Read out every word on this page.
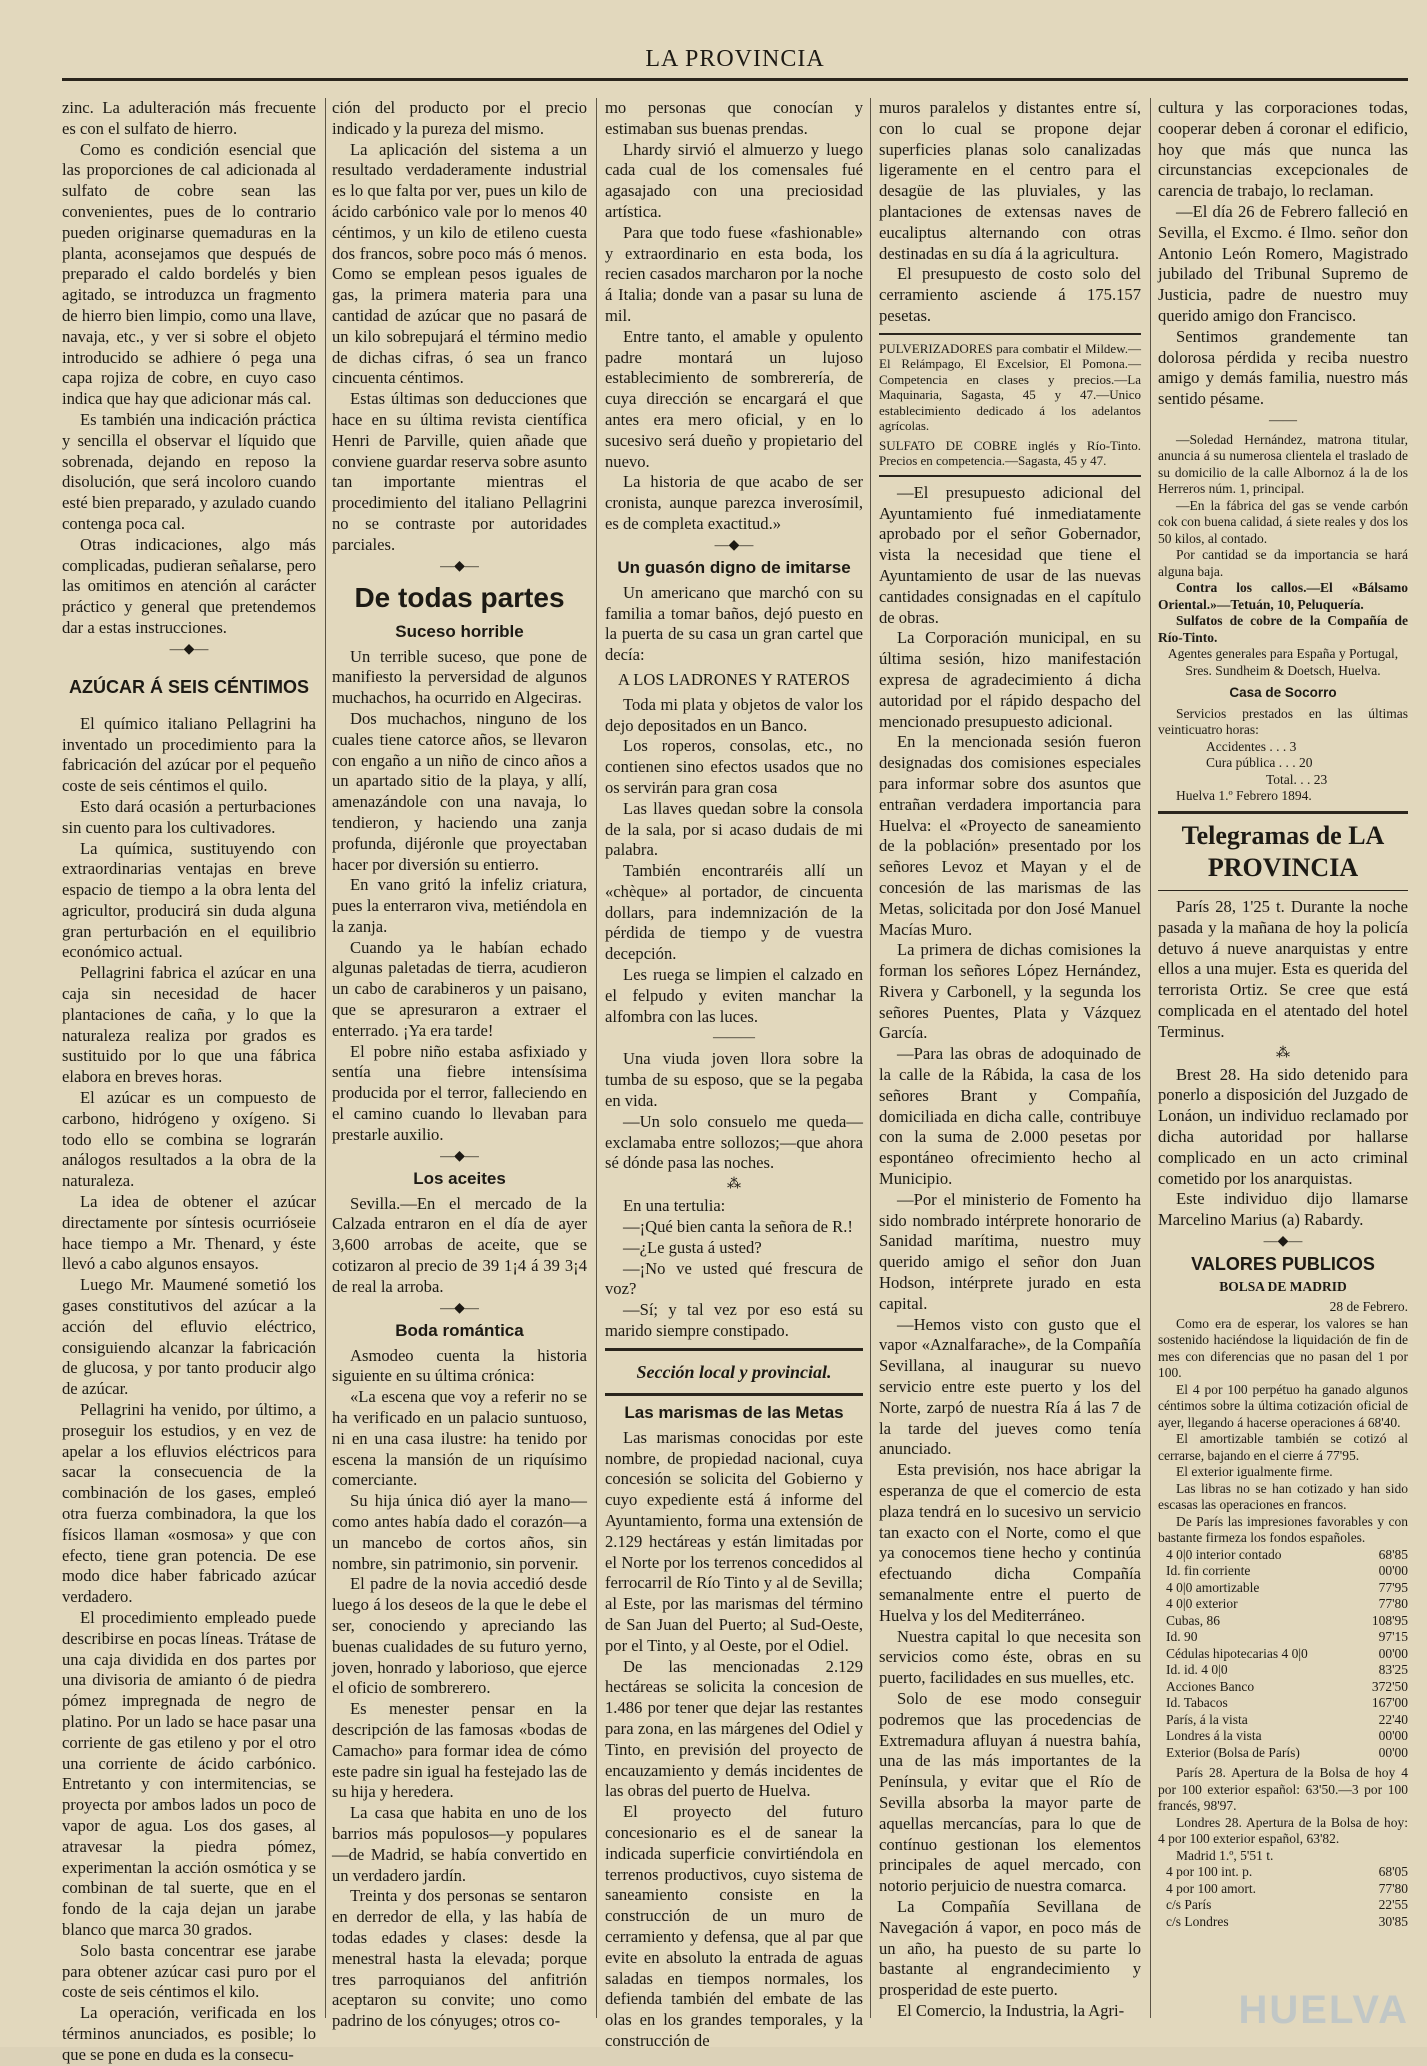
LA PROVINCIA

zinc. La adulteración más frecuente es con el sulfato de hierro.

Como es condición esencial que las proporciones de cal adicionada al sulfato de cobre sean las convenientes, pues de lo contrario pueden originarse quemaduras en la planta, aconsejamos que después de preparado el caldo bordelés y bien agitado, se introduzca un fragmento de hierro bien limpio, como una llave, navaja, etc., y ver si sobre el objeto introducido se adhiere ó pega una capa rojiza de cobre, en cuyo caso indica que hay que adicionar más cal.

Es también una indicación práctica y sencilla el observar el líquido que sobrenada, dejando en reposo la disolución, que será incoloro cuando esté bien preparado, y azulado cuando contenga poca cal.

Otras indicaciones, algo más complicadas, pudieran señalarse, pero las omitimos en atención al carácter práctico y general que pretendemos dar a estas instrucciones.

—◆—
AZÚCAR Á SEIS CÉNTIMOS

El químico italiano Pellagrini ha inventado un procedimiento para la fabricación del azúcar por el pequeño coste de seis céntimos el quilo.

Esto dará ocasión a perturbaciones sin cuento para los cultivadores.

La química, sustituyendo con extraordinarias ventajas en breve espacio de tiempo a la obra lenta del agricultor, producirá sin duda alguna gran perturbación en el equilibrio económico actual.

Pellagrini fabrica el azúcar en una caja sin necesidad de hacer plantaciones de caña, y lo que la naturaleza realiza por grados es sustituido por lo que una fábrica elabora en breves horas.

El azúcar es un compuesto de carbono, hidrógeno y oxígeno. Si todo ello se combina se lograrán análogos resultados a la obra de la naturaleza.

La idea de obtener el azúcar directamente por síntesis ocurrióseie hace tiempo a Mr. Thenard, y éste llevó a cabo algunos ensayos.

Luego Mr. Maumené sometió los gases constitutivos del azúcar a la acción del efluvio eléctrico, consiguiendo alcanzar la fabricación de glucosa, y por tanto producir algo de azúcar.

Pellagrini ha venido, por último, a proseguir los estudios, y en vez de apelar a los efluvios eléctricos para sacar la consecuencia de la combinación de los gases, empleó otra fuerza combinadora, la que los físicos llaman «osmosa» y que con efecto, tiene gran potencia. De ese modo dice haber fabricado azúcar verdadero.

El procedimiento empleado puede describirse en pocas líneas. Trátase de una caja dividida en dos partes por una divisoria de amianto ó de piedra pómez impregnada de negro de platino. Por un lado se hace pasar una corriente de gas etileno y por el otro una corriente de ácido carbónico. Entretanto y con intermitencias, se proyecta por ambos lados un poco de vapor de agua. Los dos gases, al atravesar la piedra pómez, experimentan la acción osmótica y se combinan de tal suerte, que en el fondo de la caja dejan un jarabe blanco que marca 30 grados.

Solo basta concentrar ese jarabe para obtener azúcar casi puro por el coste de seis céntimos el kilo.

La operación, verificada en los términos anunciados, es posible; lo que se pone en duda es la consecu-

ción del producto por el precio indicado y la pureza del mismo.

La aplicación del sistema a un resultado verdaderamente industrial es lo que falta por ver, pues un kilo de ácido carbónico vale por lo menos 40 céntimos, y un kilo de etileno cuesta dos francos, sobre poco más ó menos. Como se emplean pesos iguales de gas, la primera materia para una cantidad de azúcar que no pasará de un kilo sobrepujará el término medio de dichas cifras, ó sea un franco cincuenta céntimos.

Estas últimas son deducciones que hace en su última revista científica Henri de Parville, quien añade que conviene guardar reserva sobre asunto tan importante mientras el procedimiento del italiano Pellagrini no se contraste por autoridades parciales.

—◆—
De todas partes
Suceso horrible

Un terrible suceso, que pone de manifiesto la perversidad de algunos muchachos, ha ocurrido en Algeciras.

Dos muchachos, ninguno de los cuales tiene catorce años, se llevaron con engaño a un niño de cinco años a un apartado sitio de la playa, y allí, amenazándole con una navaja, lo tendieron, y haciendo una zanja profunda, dijéronle que proyectaban hacer por diversión su entierro.

En vano gritó la infeliz criatura, pues la enterraron viva, metiéndola en la zanja.

Cuando ya le habían echado algunas paletadas de tierra, acudieron un cabo de carabineros y un paisano, que se apresuraron a extraer el enterrado. ¡Ya era tarde!

El pobre niño estaba asfixiado y sentía una fiebre intensísima producida por el terror, falleciendo en el camino cuando lo llevaban para prestarle auxilio.

—◆—
Los aceites

Sevilla.—En el mercado de la Calzada entraron en el día de ayer 3,600 arrobas de aceite, que se cotizaron al precio de 39 1¡4 á 39 3¡4 de real la arroba.

—◆—
Boda romántica

Asmodeo cuenta la historia siguiente en su última crónica:

«La escena que voy a referir no se ha verificado en un palacio suntuoso, ni en una casa ilustre: ha tenido por escena la mansión de un riquísimo comerciante.

Su hija única dió ayer la mano—como antes había dado el corazón—a un mancebo de cortos años, sin nombre, sin patrimonio, sin porvenir.

El padre de la novia accedió desde luego á los deseos de la que le debe el ser, conociendo y apreciando las buenas cualidades de su futuro yerno, joven, honrado y laborioso, que ejerce el oficio de sombrerero.

Es menester pensar en la descripción de las famosas «bodas de Camacho» para formar idea de cómo este padre sin igual ha festejado las de su hija y heredera.

La casa que habita en uno de los barrios más populosos—y populares—de Madrid, se había convertido en un verdadero jardín.

Treinta y dos personas se sentaron en derredor de ella, y las había de todas edades y clases: desde la menestral hasta la elevada; porque tres parroquianos del anfitrión aceptaron su convite; uno como padrino de los cónyuges; otros co-

mo personas que conocían y estimaban sus buenas prendas.

Lhardy sirvió el almuerzo y luego cada cual de los comensales fué agasajado con una preciosidad artística.

Para que todo fuese «fashionable» y extraordinario en esta boda, los recien casados marcharon por la noche á Italia; donde van a pasar su luna de mil.

Entre tanto, el amable y opulento padre montará un lujoso establecimiento de sombrerería, de cuya dirección se encargará el que antes era mero oficial, y en lo sucesivo será dueño y propietario del nuevo.

La historia de que acabo de ser cronista, aunque parezca inverosímil, es de completa exactitud.»

—◆—
Un guasón digno de imitarse

Un americano que marchó con su familia a tomar baños, dejó puesto en la puerta de su casa un gran cartel que decía:

A LOS LADRONES Y RATEROS

Toda mi plata y objetos de valor los dejo depositados en un Banco.

Los roperos, consolas, etc., no contienen sino efectos usados que no os servirán para gran cosa

Las llaves quedan sobre la consola de la sala, por si acaso dudais de mi palabra.

También encontraréis allí un «chèque» al portador, de cincuenta dollars, para indemnización de la pérdida de tiempo y de vuestra decepción.

Les ruega se limpien el calzado en el felpudo y eviten manchar la alfombra con las luces.

———

Una viuda joven llora sobre la tumba de su esposo, que se la pegaba en vida.

—Un solo consuelo me queda—exclamaba entre sollozos;—que ahora sé dónde pasa las noches.

⁂

En una tertulia:

—¡Qué bien canta la señora de R.!

—¿Le gusta á usted?

—¡No ve usted qué frescura de voz?

—Sí; y tal vez por eso está su marido siempre constipado.

Sección local y provincial.
Las marismas de las Metas

Las marismas conocidas por este nombre, de propiedad nacional, cuya concesión se solicita del Gobierno y cuyo expediente está á informe del Ayuntamiento, forma una extensión de 2.129 hectáreas y están limitadas por el Norte por los terrenos concedidos al ferrocarril de Río Tinto y al de Sevilla; al Este, por las marismas del término de San Juan del Puerto; al Sud-Oeste, por el Tinto, y al Oeste, por el Odiel.

De las mencionadas 2.129 hectáreas se solicita la concesion de 1.486 por tener que dejar las restantes para zona, en las márgenes del Odiel y Tinto, en previsión del proyecto de encauzamiento y demás incidentes de las obras del puerto de Huelva.

El proyecto del futuro concesionario es el de sanear la indicada superficie convirtiéndola en terrenos productivos, cuyo sistema de saneamiento consiste en la construcción de un muro de cerramiento y defensa, que al par que evite en absoluto la entrada de aguas saladas en tiempos normales, los defienda también del embate de las olas en los grandes temporales, y la construcción de

muros paralelos y distantes entre sí, con lo cual se propone dejar superficies planas solo canalizadas ligeramente en el centro para el desagüe de las pluviales, y las plantaciones de extensas naves de eucaliptus alternando con otras destinadas en su día á la agricultura.

El presupuesto de costo solo del cerramiento asciende á 175.157 pesetas.

PULVERIZADORES para combatir el Mildew.—El Relámpago, El Excelsior, El Pomona.—Competencia en clases y precios.—La Maquinaria, Sagasta, 45 y 47.—Unico establecimiento dedicado á los adelantos agrícolas.

SULFATO DE COBRE inglés y Río-Tinto. Precios en competencia.—Sagasta, 45 y 47.

—El presupuesto adicional del Ayuntamiento fué inmediatamente aprobado por el señor Gobernador, vista la necesidad que tiene el Ayuntamiento de usar de las nuevas cantidades consignadas en el capítulo de obras.

La Corporación municipal, en su última sesión, hizo manifestación expresa de agradecimiento á dicha autoridad por el rápido despacho del mencionado presupuesto adicional.

En la mencionada sesión fueron designadas dos comisiones especiales para informar sobre dos asuntos que entrañan verdadera importancia para Huelva: el «Proyecto de saneamiento de la población» presentado por los señores Levoz et Mayan y el de concesión de las marismas de las Metas, solicitada por don José Manuel Macías Muro.

La primera de dichas comisiones la forman los señores López Hernández, Rivera y Carbonell, y la segunda los señores Puentes, Plata y Vázquez García.

—Para las obras de adoquinado de la calle de la Rábida, la casa de los señores Brant y Compañía, domiciliada en dicha calle, contribuye con la suma de 2.000 pesetas por espontáneo ofrecimiento hecho al Municipio.

—Por el ministerio de Fomento ha sido nombrado intérprete honorario de Sanidad marítima, nuestro muy querido amigo el señor don Juan Hodson, intérprete jurado en esta capital.

—Hemos visto con gusto que el vapor «Aznalfarache», de la Compañía Sevillana, al inaugurar su nuevo servicio entre este puerto y los del Norte, zarpó de nuestra Ría á las 7 de la tarde del jueves como tenía anunciado.

Esta previsión, nos hace abrigar la esperanza de que el comercio de esta plaza tendrá en lo sucesivo un servicio tan exacto con el Norte, como el que ya conocemos tiene hecho y continúa efectuando dicha Compañía semanalmente entre el puerto de Huelva y los del Mediterráneo.

Nuestra capital lo que necesita son servicios como éste, obras en su puerto, facilidades en sus muelles, etc.

Solo de ese modo conseguir podremos que las procedencias de Extremadura afluyan á nuestra bahía, una de las más importantes de la Península, y evitar que el Río de Sevilla absorba la mayor parte de aquellas mercancías, para lo que de contínuo gestionan los elementos principales de aquel mercado, con notorio perjuicio de nuestra comarca.

La Compañía Sevillana de Navegación á vapor, en poco más de un año, ha puesto de su parte lo bastante al engrandecimiento y prosperidad de este puerto.

El Comercio, la Industria, la Agri-

cultura y las corporaciones todas, cooperar deben á coronar el edificio, hoy que más que nunca las circunstancias excepcionales de carencia de trabajo, lo reclaman.

—El día 26 de Febrero falleció en Sevilla, el Excmo. é Ilmo. señor don Antonio León Romero, Magistrado jubilado del Tribunal Supremo de Justicia, padre de nuestro muy querido amigo don Francisco.

Sentimos grandemente tan dolorosa pérdida y reciba nuestro amigo y demás familia, nuestro más sentido pésame.

——

—Soledad Hernández, matrona titular, anuncia á su numerosa clientela el traslado de su domicilio de la calle Albornoz á la de los Herreros núm. 1, principal.

—En la fábrica del gas se vende carbón cok con buena calidad, á siete reales y dos los 50 kilos, al contado.

Por cantidad se da importancia se hará alguna baja.

Contra los callos.—El «Bálsamo Oriental.»—Tetuán, 10, Peluquería.

Sulfatos de cobre de la Compañía de Río-Tinto.

Agentes generales para España y Portugal, Sres. Sundheim & Doetsch, Huelva.

Casa de Socorro

Servicios prestados en las últimas veinticuatro horas:

Accidentes . . . 3

Cura pública . . . 20

Total. . . 23

Huelva 1.º Febrero 1894.

Telegramas de LA PROVINCIA

París 28, 1'25 t. Durante la noche pasada y la mañana de hoy la policía detuvo á nueve anarquistas y entre ellos a una mujer. Esta es querida del terrorista Ortiz. Se cree que está complicada en el atentado del hotel Terminus.

⁂

Brest 28. Ha sido detenido para ponerlo a disposición del Juzgado de Lonáon, un individuo reclamado por dicha autoridad por hallarse complicado en un acto criminal cometido por los anarquistas.

Este individuo dijo llamarse Marcelino Marius (a) Rabardy.

—◆—
VALORES PUBLICOS
BOLSA DE MADRID

28 de Febrero.

Como era de esperar, los valores se han sostenido haciéndose la liquidación de fin de mes con diferencias que no pasan del 1 por 100.

El 4 por 100 perpétuo ha ganado algunos céntimos sobre la última cotización oficial de ayer, llegando á hacerse operaciones á 68'40.

El amortizable también se cotizó al cerrarse, bajando en el cierre á 77'95.

El exterior igualmente firme.

Las libras no se han cotizado y han sido escasas las operaciones en francos.

De París las impresiones favorables y con bastante firmeza los fondos españoles.

4 0|0 interior contado	68'85
Id. fin corriente	00'00
4 0|0 amortizable	77'95
4 0|0 exterior	77'80
Cubas, 86	108'95
Id. 90	97'15
Cédulas hipotecarias 4 0|0	00'00
Id. id. 4 0|0	83'25
Acciones Banco	372'50
Id. Tabacos	167'00
París, á la vista	22'40
Londres á la vista	00'00
Exterior (Bolsa de París)	00'00

París 28. Apertura de la Bolsa de hoy 4 por 100 exterior español: 63'50.—3 por 100 francés, 98'97.

Londres 28. Apertura de la Bolsa de hoy: 4 por 100 exterior español, 63'82.

Madrid 1.º, 5'51 t.

4 por 100 int. p.	68'05
4 por 100 amort.	77'80
c/s París	22'55
c/s Londres	30'85
HUELVA
